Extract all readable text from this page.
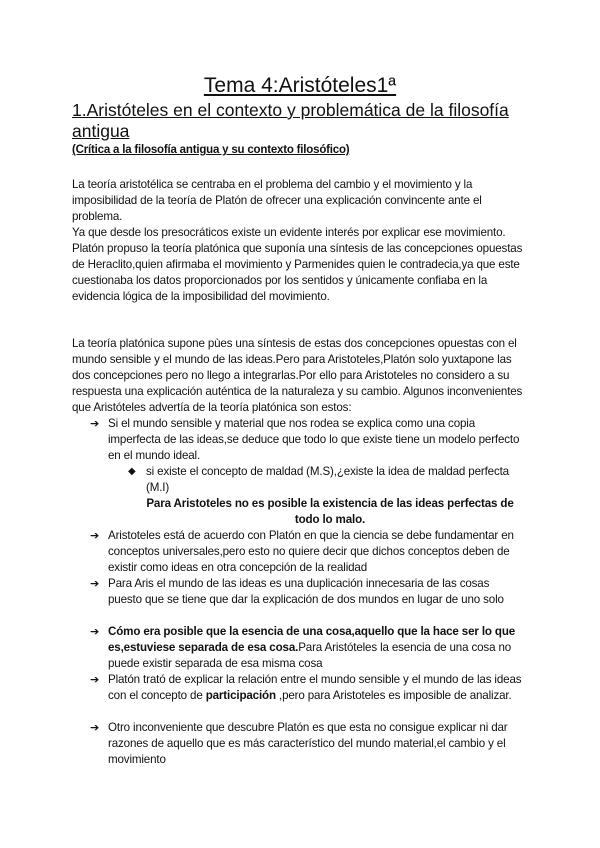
Tema 4:Aristóteles1ª
1.Aristóteles en el contexto y problemática de la filosofía antigua
(Crítica a la filosofía antigua y su contexto filosófico)

La teoría aristotélica se centraba en el problema del cambio y el movimiento y la imposibilidad de la teoría de Platón de ofrecer una explicación convincente ante el problema.

Ya que desde los presocráticos existe un evidente interés por explicar ese movimiento.

Platón propuso la teoría platónica que suponía una síntesis de las concepciones opuestas de Heraclito,quien afirmaba el movimiento y Parmenides quien le contradecia,ya que este cuestionaba los datos proporcionados por los sentidos y únicamente confiaba en la evidencia lógica de la imposibilidad del movimiento.

La teoría platónica supone pùes una síntesis de estas dos concepciones opuestas con el mundo sensible y el mundo de las ideas.Pero para Aristoteles,Platón solo yuxtapone las dos concepciones pero no llego a integrarlas.Por ello para Aristoteles no considero a su respuesta una explicación auténtica de la naturaleza y su cambio. Algunos inconvenientes que Aristóteles advertía de la teoría platónica son estos:

➔ Si el mundo sensible y material que nos rodea se explica como una copia imperfecta de las ideas,se deduce que todo lo que existe tiene un modelo perfecto en el mundo ideal.
◆ si existe el concepto de maldad (M.S),¿existe la idea de maldad perfecta (M.I)
Para Aristoteles no es posible la existencia de las ideas perfectas de todo lo malo.
➔ Aristoteles está de acuerdo con Platón en que la ciencia se debe fundamentar en conceptos universales,pero esto no quiere decir que dichos conceptos deben de existir como ideas en otra concepción de la realidad
➔ Para Aris el mundo de las ideas es una duplicación innecesaria de las cosas puesto que se tiene que dar la explicación de dos mundos en lugar de uno solo
➔ Cómo era posible que la esencia de una cosa,aquello que la hace ser lo que es,estuviese separada de esa cosa.Para Aristóteles la esencia de una cosa no puede existir separada de esa misma cosa
➔ Platón trató de explicar la relación entre el mundo sensible y el mundo de las ideas con el concepto de participación ,pero para Aristoteles es imposible de analizar.
➔ Otro inconveniente que descubre Platón es que esta no consigue explicar ni dar razones de aquello que es más característico del mundo material,el cambio y el movimiento
